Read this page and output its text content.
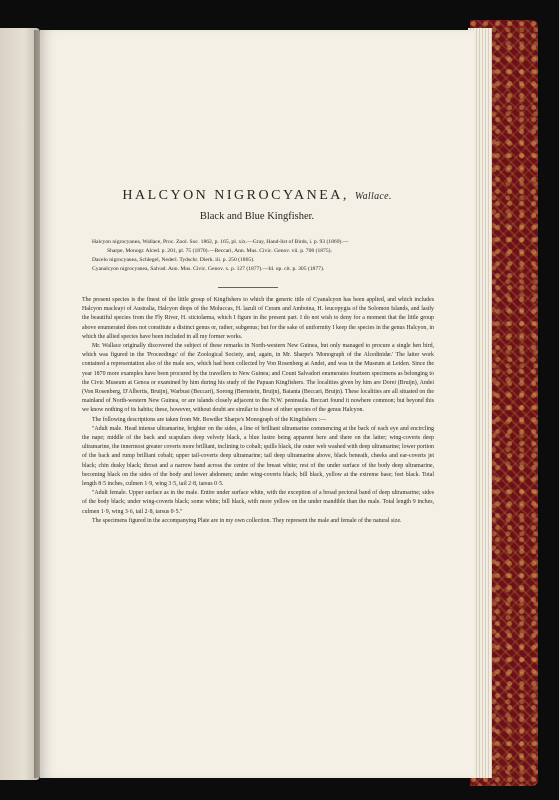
HALCYON NIGROCYANEA, Wallace.
Black and Blue Kingfisher.
Halcyon nigrocyanea, Wallace, Proc. Zool. Soc. 1862, p. 165, pl. xix.—Gray, Hand-list of Birds, i. p. 93 (1869).—
Sharpe, Monogr. Alced. p. 201, pl. 75 (1870).—Beccari, Ann. Mus. Civic. Genov. vii. p. 708 (1875).
Dacelo nigrocyanea, Schlegel, Nederl. Tydschr. Dierk. iii. p. 250 (1865).
Cyanalcyon nigrocyanea, Salvad. Ann. Mus. Civic. Genov. x. p. 127 (1877).—Id. op. cit. p. 305 (1877).

The present species is the finest of the little group of Kingfishers to which the generic title of Cyanalcyon has been applied, and which includes Halcyon macleayi of Australia, Halcyon diops of the Moluccas, H. lazuli of Ceram and Amboina, H. leucopygia of the Solomon Islands, and lastly the beautiful species from the Fly River, H. stictolæma, which I figure in the present part. I do not wish to deny for a moment that the little group above enumerated does not constitute a distinct genus or, rather, subgenus; but for the sake of uniformity I keep the species in the genus Halcyon, in which the allied species have been included in all my former works.

Mr. Wallace originally discovered the subject of these remarks in North-western New Guinea, but only managed to procure a single hen bird, which was figured in the 'Proceedings' of the Zoological Society, and, again, in Mr. Sharpe's 'Monograph of the Alcedinidæ.' The latter work contained a representation also of the male sex, which had been collected by Von Rosenberg at Andei, and was in the Museum at Leiden. Since the year 1870 more examples have been procured by the travellers to New Guinea; and Count Salvadori enumerates fourteen specimens as belonging to the Civic Museum at Genoa or examined by him during his study of the Papuan Kingfishers. The localities given by him are Dorei (Bruijn), Andei (Von Rosenberg, D'Albertis, Bruijn), Warbusi (Beccari), Sorong (Bernstein, Bruijn), Batanta (Beccari, Bruijn). These localities are all situated on the mainland of North-western New Guinea, or are islands closely adjacent to the N.W. peninsula. Beccari found it nowhere common; but beyond this we know nothing of its habits; these, however, without doubt are similar to those of other species of the genus Halcyon.

The following descriptions are taken from Mr. Bowdler Sharpe's Monograph of the Kingfishers :—

"Adult male. Head intense ultramarine, brighter on the sides, a line of brilliant ultramarine commencing at the back of each eye and encircling the nape; middle of the back and scapulars deep velvety black, a blue lustre being apparent here and there on the latter; wing-coverts deep ultramarine, the innermost greater coverts more brilliant, inclining to cobalt; quills black, the outer web washed with deep ultramarine; lower portion of the back and rump brilliant cobalt; upper tail-coverts deep ultramarine; tail deep ultramarine above, black beneath, cheeks and ear-coverts jet black; chin dusky black; throat and a narrow band across the centre of the breast white; rest of the under surface of the body deep ultramarine, becoming black on the sides of the body and lower abdomen; under wing-coverts black; bill black, yellow at the extreme base; feet black. Total length 8·5 inches, culmen 1·9, wing 3·5, tail 2·8, tarsus 0·5.

"Adult female. Upper surface as in the male. Entire under surface white, with the exception of a broad pectoral band of deep ultramarine; sides of the body black; under wing-coverts black; some white; bill black, with more yellow on the under mandible than the male. Total length 9 inches, culmen 1·9, wing 3·6, tail 2·8, tarsus 0·5."

The specimens figured in the accompanying Plate are in my own collection. They represent the male and female of the natural size.
